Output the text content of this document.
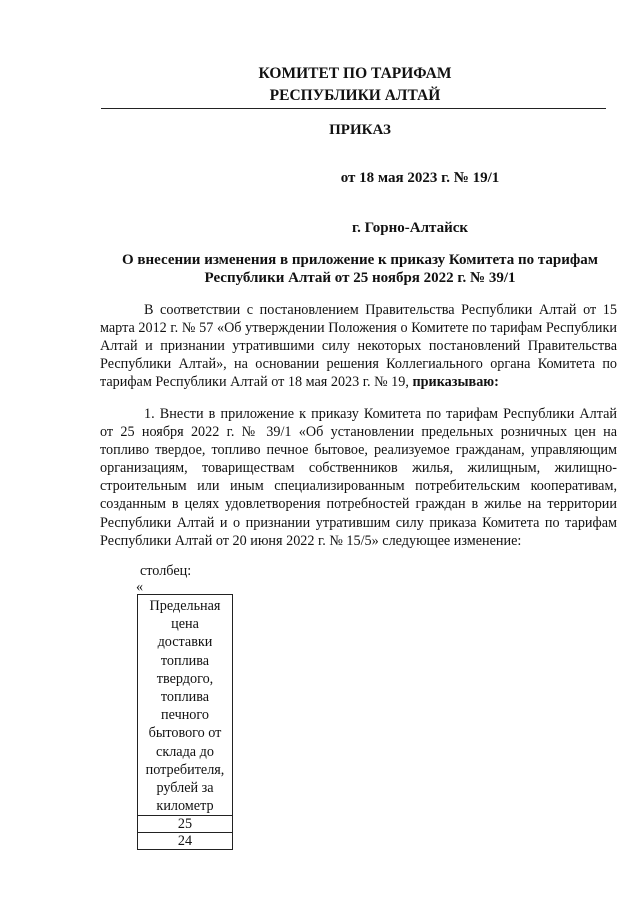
КОМИТЕТ ПО ТАРИФАМ
РЕСПУБЛИКИ АЛТАЙ
ПРИКАЗ
от 18 мая 2023 г. № 19/1
г. Горно-Алтайск
О внесении изменения в приложение к приказу Комитета по тарифам
Республики Алтай от 25 ноября 2022 г. № 39/1
В соответствии с постановлением Правительства Республики Алтай от 15 марта 2012 г. № 57 «Об утверждении Положения о Комитете по тарифам Республики Алтай и признании утратившими силу некоторых постановлений Правительства Республики Алтай», на основании решения Коллегиального органа Комитета по тарифам Республики Алтай от 18 мая 2023 г. № 19, приказываю:
1. Внести в приложение к приказу Комитета по тарифам Республики Алтай от 25 ноября 2022 г. № 39/1 «Об установлении предельных розничных цен на топливо твердое, топливо печное бытовое, реализуемое гражданам, управляющим организациям, товариществам собственников жилья, жилищным, жилищно-строительным или иным специализированным потребительским кооперативам, созданным в целях удовлетворения потребностей граждан в жилье на территории Республики Алтай и о признании утратившим силу приказа Комитета по тарифам Республики Алтай от 20 июня 2022 г. № 15/5» следующее изменение:
столбец:
«
Предельная
цена
доставки
топлива
твердого,
топлива
печного
бытового от
склада до
потребителя,
рублей за
километр

25
24
